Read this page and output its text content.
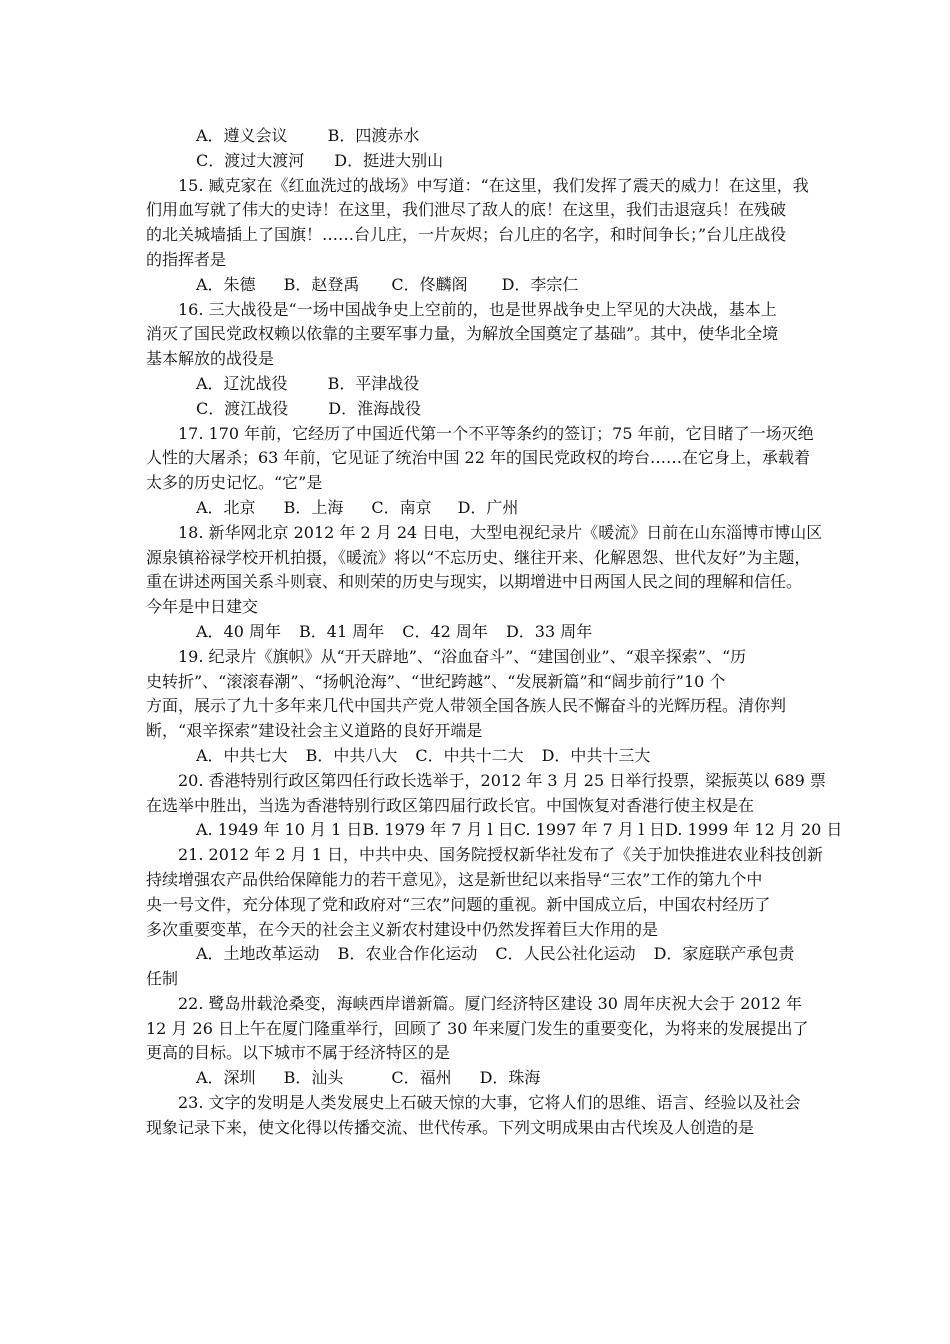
A．遵义会议	B．四渡赤水
C．渡过大渡河 D．挺进大别山
15. 臧克家在《红血洗过的战场》中写道：“在这里，我们发挥了震天的威力！在这里，我
们用血写就了伟大的史诗！在这里，我们泄尽了敌人的底！在这里，我们击退寇兵！在残破
的北关城墙插上了国旗！……台儿庄，一片灰烬；台儿庄的名字，和时间争长；”台儿庄战役
的指挥者是
A．朱德 B．赵登禹 C．佟麟阁 D．李宗仁
16. 三大战役是“一场中国战争史上空前的，也是世界战争史上罕见的大决战，基本上
消灭了国民党政权赖以依靠的主要军事力量，为解放全国奠定了基础”。其中，使华北全境
基本解放的战役是
A．辽沈战役	B．平津战役
C．渡江战役	D．淮海战役
17. 170 年前，它经历了中国近代第一个不平等条约的签订；75 年前，它目睹了一场灭绝
人性的大屠杀；63 年前，它见证了统治中国 22 年的国民党政权的垮台……在它身上，承载着
太多的历史记忆。“它”是
A．北京 B．上海 C．南京 D．广州
18. 新华网北京 2012 年 2 月 24 日电，大型电视纪录片《暖流》日前在山东淄博市博山区
源泉镇裕禄学校开机拍摄，《暖流》将以“不忘历史、继往开来、化解恩怨、世代友好”为主题，
重在讲述两国关系斗则衰、和则荣的历史与现实，以期增进中日两国人民之间的理解和信任。
今年是中日建交
A．40 周年 B．41 周年 C．42 周年 D．33 周年
19. 纪录片《旗帜》从“开天辟地”、“浴血奋斗”、“建国创业”、“艰辛探索”、“历
史转折”、“滚滚春潮”、“扬帆沧海”、“世纪跨越”、“发展新篇”和“阔步前行”10 个
方面，展示了九十多年来几代中国共产党人带领全国各族人民不懈奋斗的光辉历程。清你判
断，“艰辛探索”建设社会主义道路的良好开端是
A．中共七大 B．中共八大 C．中共十二大 D．中共十三大
20. 香港特别行政区第四任行政长选举于，2012 年 3 月 25 日举行投票，梁振英以 689 票
在选举中胜出，当选为香港特别行政区第四届行政长官。中国恢复对香港行使主权是在
A. 1949 年 10 月 1 日 B. 1979 年 7 月 l 日 C. 1997 年 7 月 l 日 D. 1999 年 12 月 20 日
21. 2012 年 2 月 1 日，中共中央、国务院授权新华社发布了《关于加快推进农业科技创新
持续增强农产品供给保障能力的若干意见》，这是新世纪以来指导“三农”工作的第九个中
央一号文件，充分体现了党和政府对“三农”问题的重视。新中国成立后，中国农村经历了
多次重要变革，在今天的社会主义新农村建设中仍然发挥着巨大作用的是
A．土地改革运动 B．农业合作化运动 C．人民公社化运动 D．家庭联产承包责
任制
22. 鹭岛卅载沧桑变，海峡西岸谱新篇。厦门经济特区建设 30 周年庆祝大会于 2012 年
12 月 26 日上午在厦门隆重举行，回顾了 30 年来厦门发生的重要变化，为将来的发展提出了
更高的目标。以下城市不属于经济特区的是
A．深圳 B．汕头	C．福州 D．珠海
23. 文字的发明是人类发展史上石破天惊的大事，它将人们的思维、语言、经验以及社会
现象记录下来，使文化得以传播交流、世代传承。下列文明成果由古代埃及人创造的是
